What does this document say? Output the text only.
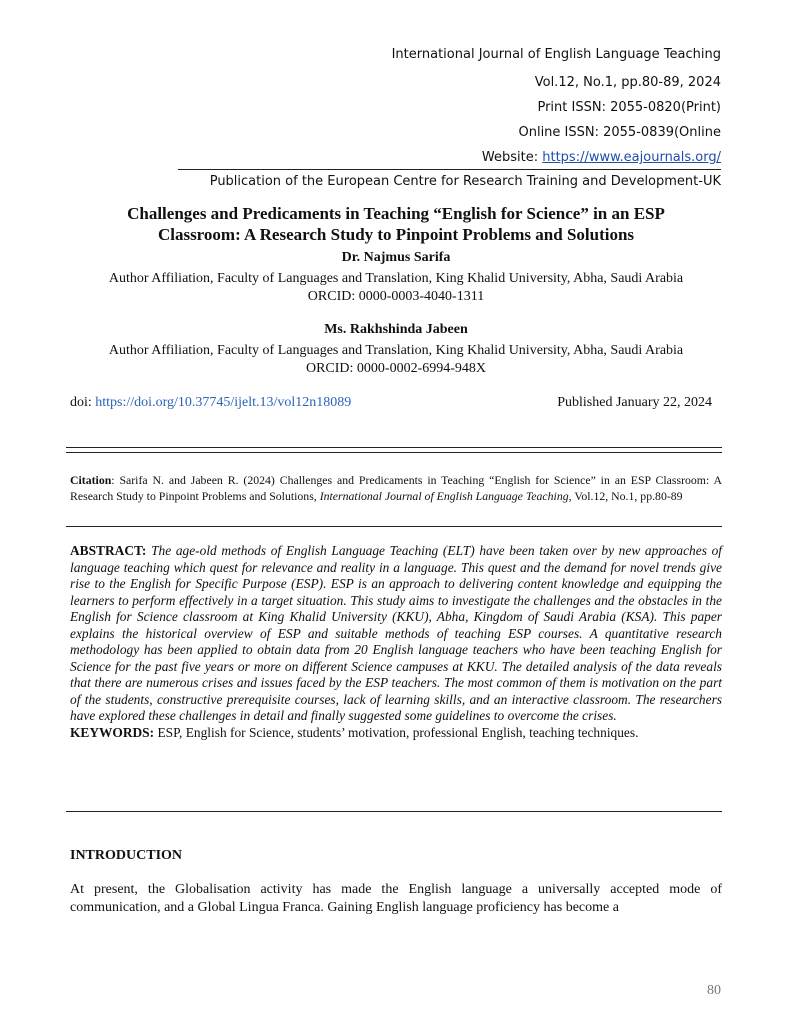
International Journal of English Language Teaching
Vol.12, No.1, pp.80-89, 2024
Print ISSN: 2055-0820(Print)
Online ISSN: 2055-0839(Online
Website: https://www.eajournals.org/
Publication of the European Centre for Research Training and Development-UK
Challenges and Predicaments in Teaching “English for Science” in an ESP
Classroom: A Research Study to Pinpoint Problems and Solutions
Dr. Najmus Sarifa
Author Affiliation, Faculty of Languages and Translation, King Khalid University, Abha, Saudi Arabia
ORCID: 0000-0003-4040-1311
Ms. Rakhshinda Jabeen
Author Affiliation, Faculty of Languages and Translation, King Khalid University, Abha, Saudi Arabia
ORCID: 0000-0002-6994-948X
doi: https://doi.org/10.37745/ijelt.13/vol12n18089	Published January 22, 2024
Citation: Sarifa N. and Jabeen R. (2024) Challenges and Predicaments in Teaching “English for Science” in an ESP Classroom: A Research Study to Pinpoint Problems and Solutions, International Journal of English Language Teaching, Vol.12, No.1, pp.80-89
ABSTRACT: The age-old methods of English Language Teaching (ELT) have been taken over by new approaches of language teaching which quest for relevance and reality in a language. This quest and the demand for novel trends give rise to the English for Specific Purpose (ESP). ESP is an approach to delivering content knowledge and equipping the learners to perform effectively in a target situation. This study aims to investigate the challenges and the obstacles in the English for Science classroom at King Khalid University (KKU), Abha, Kingdom of Saudi Arabia (KSA). This paper explains the historical overview of ESP and suitable methods of teaching ESP courses. A quantitative research methodology has been applied to obtain data from 20 English language teachers who have been teaching English for Science for the past five years or more on different Science campuses at KKU. The detailed analysis of the data reveals that there are numerous crises and issues faced by the ESP teachers. The most common of them is motivation on the part of the students, constructive prerequisite courses, lack of learning skills, and an interactive classroom. The researchers have explored these challenges in detail and finally suggested some guidelines to overcome the crises.
KEYWORDS: ESP, English for Science, students’ motivation, professional English, teaching techniques.
INTRODUCTION
At present, the Globalisation activity has made the English language a universally accepted mode of communication, and a Global Lingua Franca. Gaining English language proficiency has become a
80
